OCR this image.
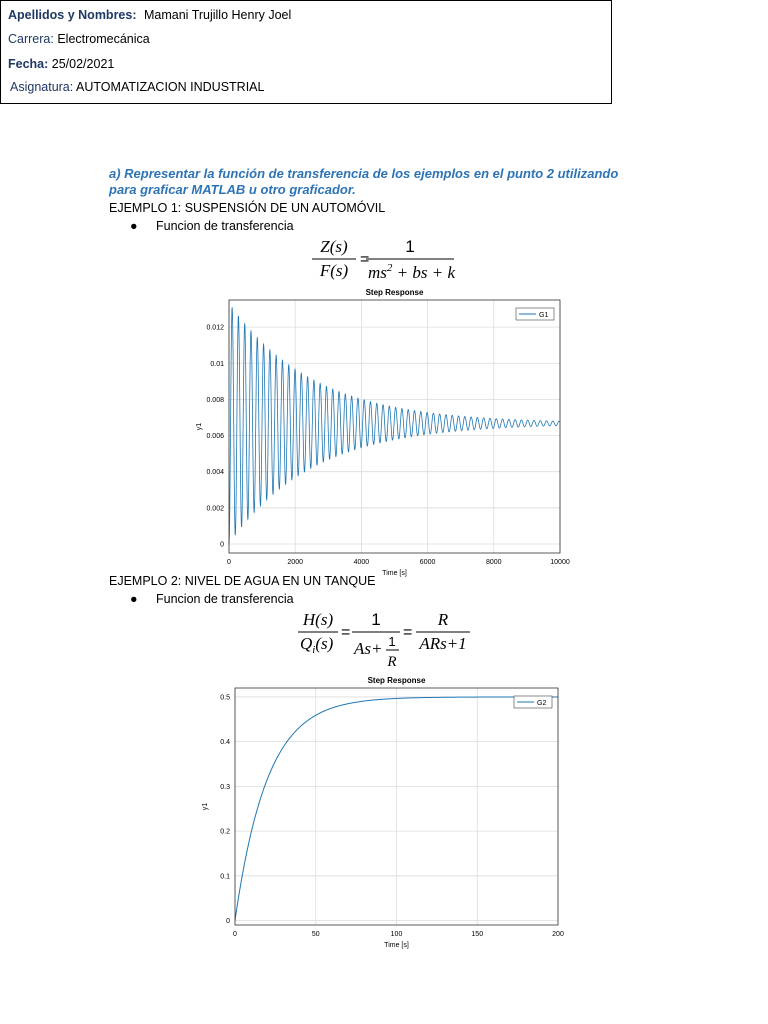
Apellidos y Nombres: Mamani Trujillo Henry Joel
Carrera: Electromecánica
Fecha: 25/02/2021
Asignatura: AUTOMATIZACION INDUSTRIAL
a) Representar la función de transferencia de los ejemplos en el punto 2 utilizando
para graficar MATLAB u otro graficador.
EJEMPLO 1: SUSPENSIÓN DE UN AUTOMÓVIL
● Funcion de transferencia
Z(s)
F(s)
=
1
$ms^2$ + bs + k
Step Response
0	2000	4000	6000	8000	10000
0
0.002
0.004
0.006
0.008
0.01
0.012
G1
Time [s]
y1
EJEMPLO 2: NIVEL DE AGUA EN UN TANQUE
● Funcion de transferencia
H(s)
$Q_i(s)$
=
1
As+ 1
R
=
R
ARs+1
Step Response
0	50	100	150	200
0
0.1
0.2
0.3
0.4
0.5
G2
Time [s]
y1
